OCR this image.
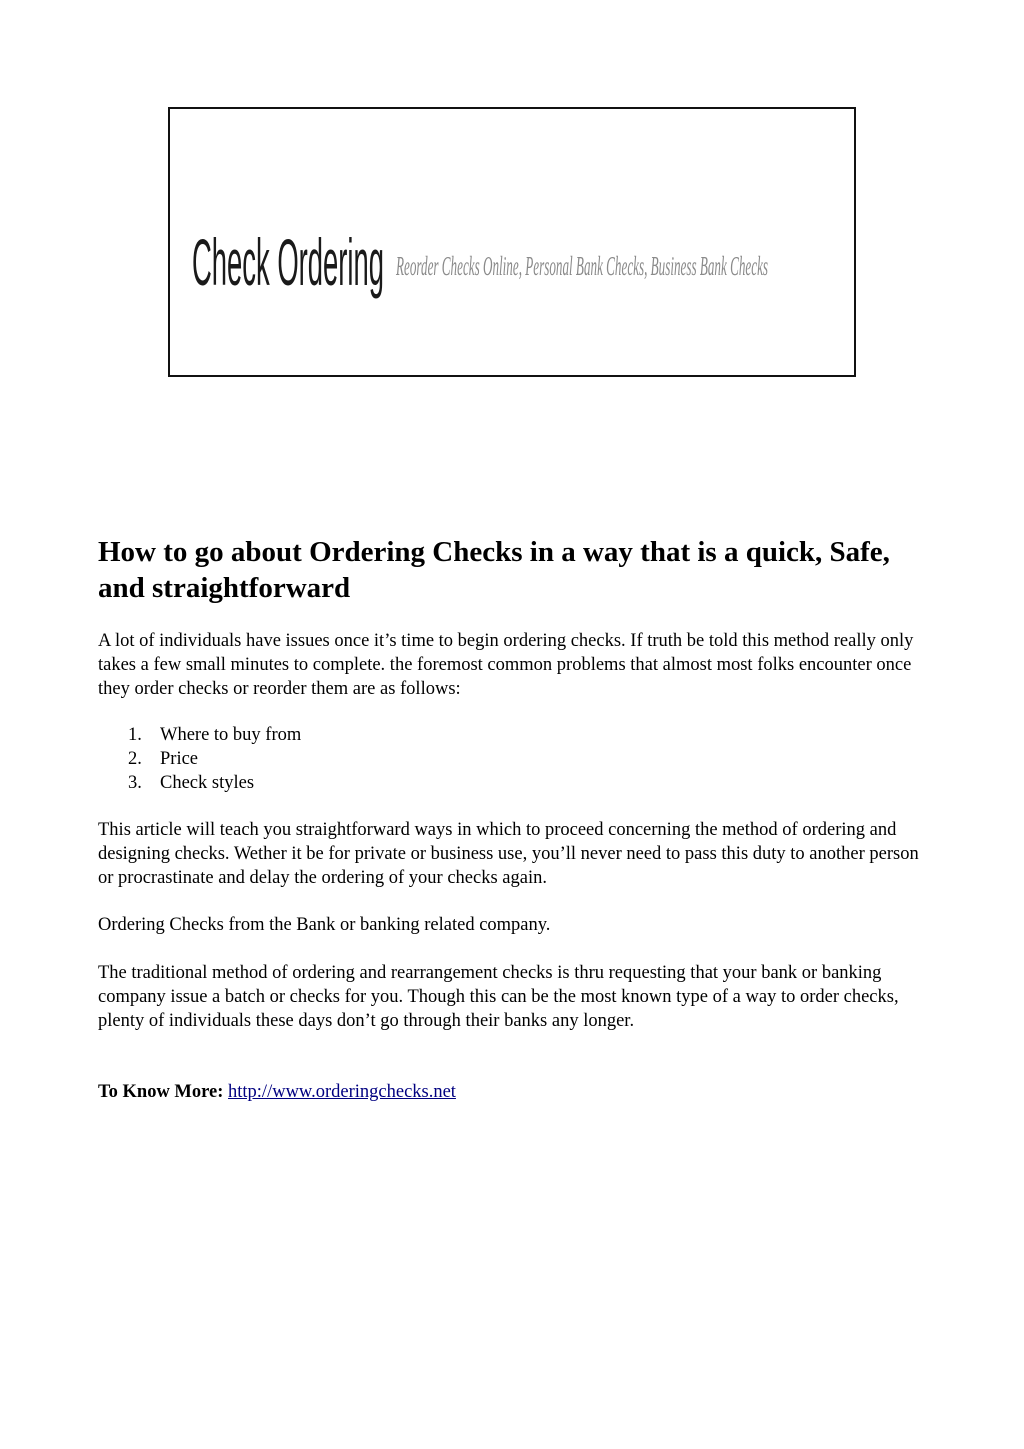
Check Ordering Reorder Checks Online, Personal Bank Checks, Business Bank Checks
How to go about Ordering Checks in a way that is a quick, Safe, and straightforward

A lot of individuals have issues once it’s time to begin ordering checks. If truth be told this method really only takes a few small minutes to complete. the foremost common problems that almost most folks encounter once they order checks or reorder them are as follows:

1. Where to buy from
2. Price
3. Check styles

This article will teach you straightforward ways in which to proceed concerning the method of ordering and designing checks. Wether it be for private or business use, you’ll never need to pass this duty to another person or procrastinate and delay the ordering of your checks again.

Ordering Checks from the Bank or banking related company.

The traditional method of ordering and rearrangement checks is thru requesting that your bank or banking company issue a batch or checks for you. Though this can be the most known type of a way to order checks, plenty of individuals these days don’t go through their banks any longer.

To Know More: http://www.orderingchecks.net
